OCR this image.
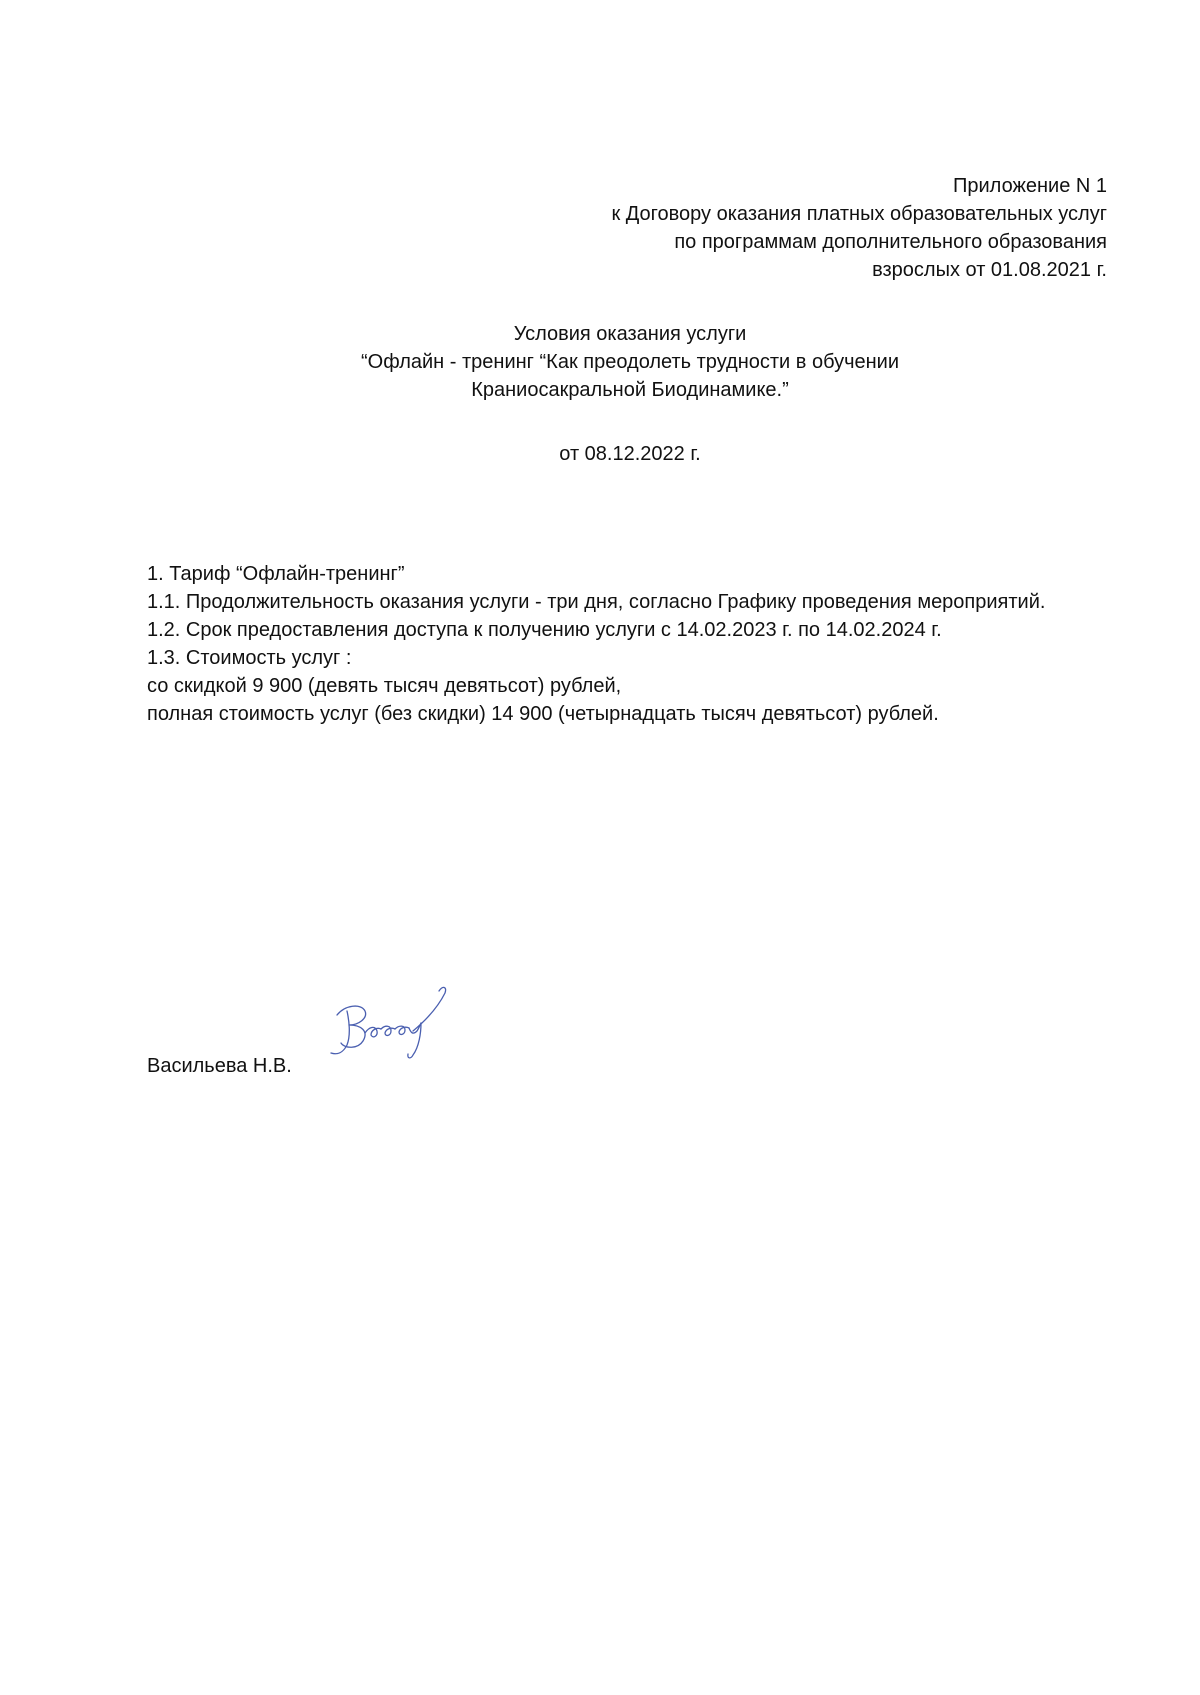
Приложение N 1
к Договору оказания платных образовательных услуг
по программам дополнительного образования
взрослых от 01.08.2021 г.
Условия оказания услуги
“Офлайн - тренинг “Как преодолеть трудности в обучении
Краниосакральной Биодинамике.”
от 08.12.2022 г.
1. Тариф “Офлайн-тренинг”
1.1. Продолжительность оказания услуги - три дня, согласно Графику проведения мероприятий.
1.2. Срок предоставления доступа к получению услуги с 14.02.2023 г. по 14.02.2024 г.
1.3. Стоимость услуг :
со скидкой 9 900 (девять тысяч девятьсот) рублей,
полная стоимость услуг (без скидки) 14 900 (четырнадцать тысяч девятьсот) рублей.
Васильева Н.В.
